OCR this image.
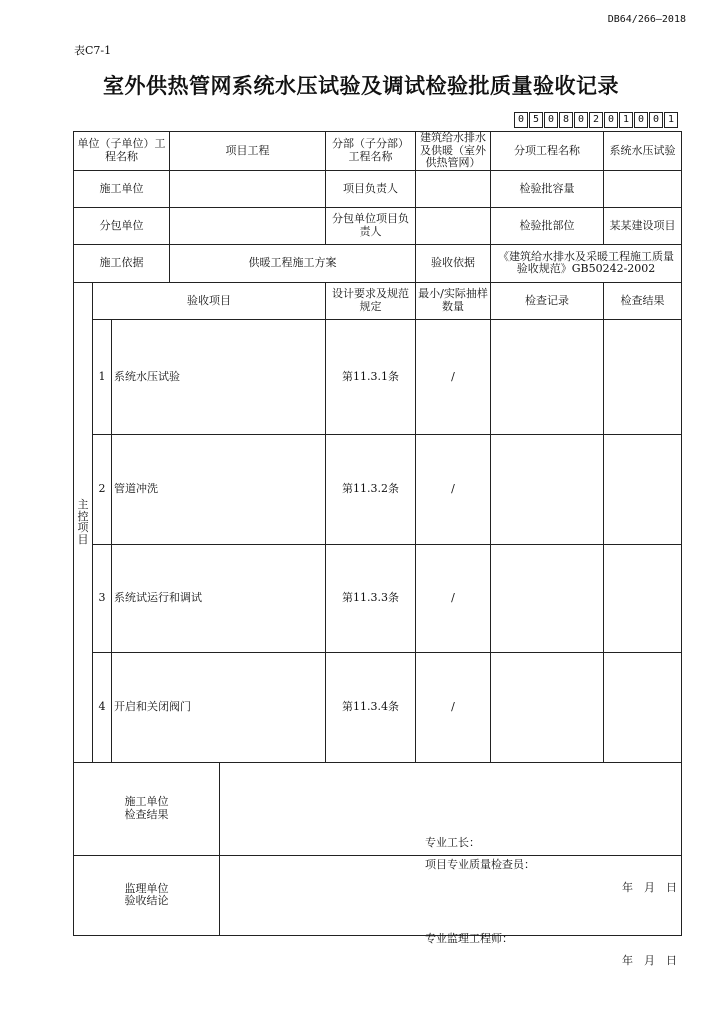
DB64/266—2018
表C7-1
室外供热管网系统水压试验及调试检验批质量验收记录
0 5 0 8 0 2 0 1 0 0 1
单位（子单位）工程名称			项目工程		分部（子分部）工程名称	建筑给水排水及供暖（室外供热管网）	分项工程名称	系统水压试验
施工单位					项目负责人		检验批容量	
分包单位					分包单位项目负责人		检验批部位	某某建设项目
施工依据			供暖工程施工方案			验收依据	《建筑给水排水及采暖工程施工质量验收规范》GB50242-2002	

主控项目	验收项目				设计要求及规范规定	最小/实际抽样数量	检查记录	检查结果
	1	系统水压试验			第11.3.1条	/		
	2	管道冲洗			第11.3.2条	/		
	3	系统试运行和调试			第11.3.3条	/		
	4	开启和关闭阀门			第11.3.4条	/		

施工单位检查结果				专业工长：
项目专业质量检查员：
年　月　日				

监理单位验收结论				专业监理工程师：
年　月　日				
